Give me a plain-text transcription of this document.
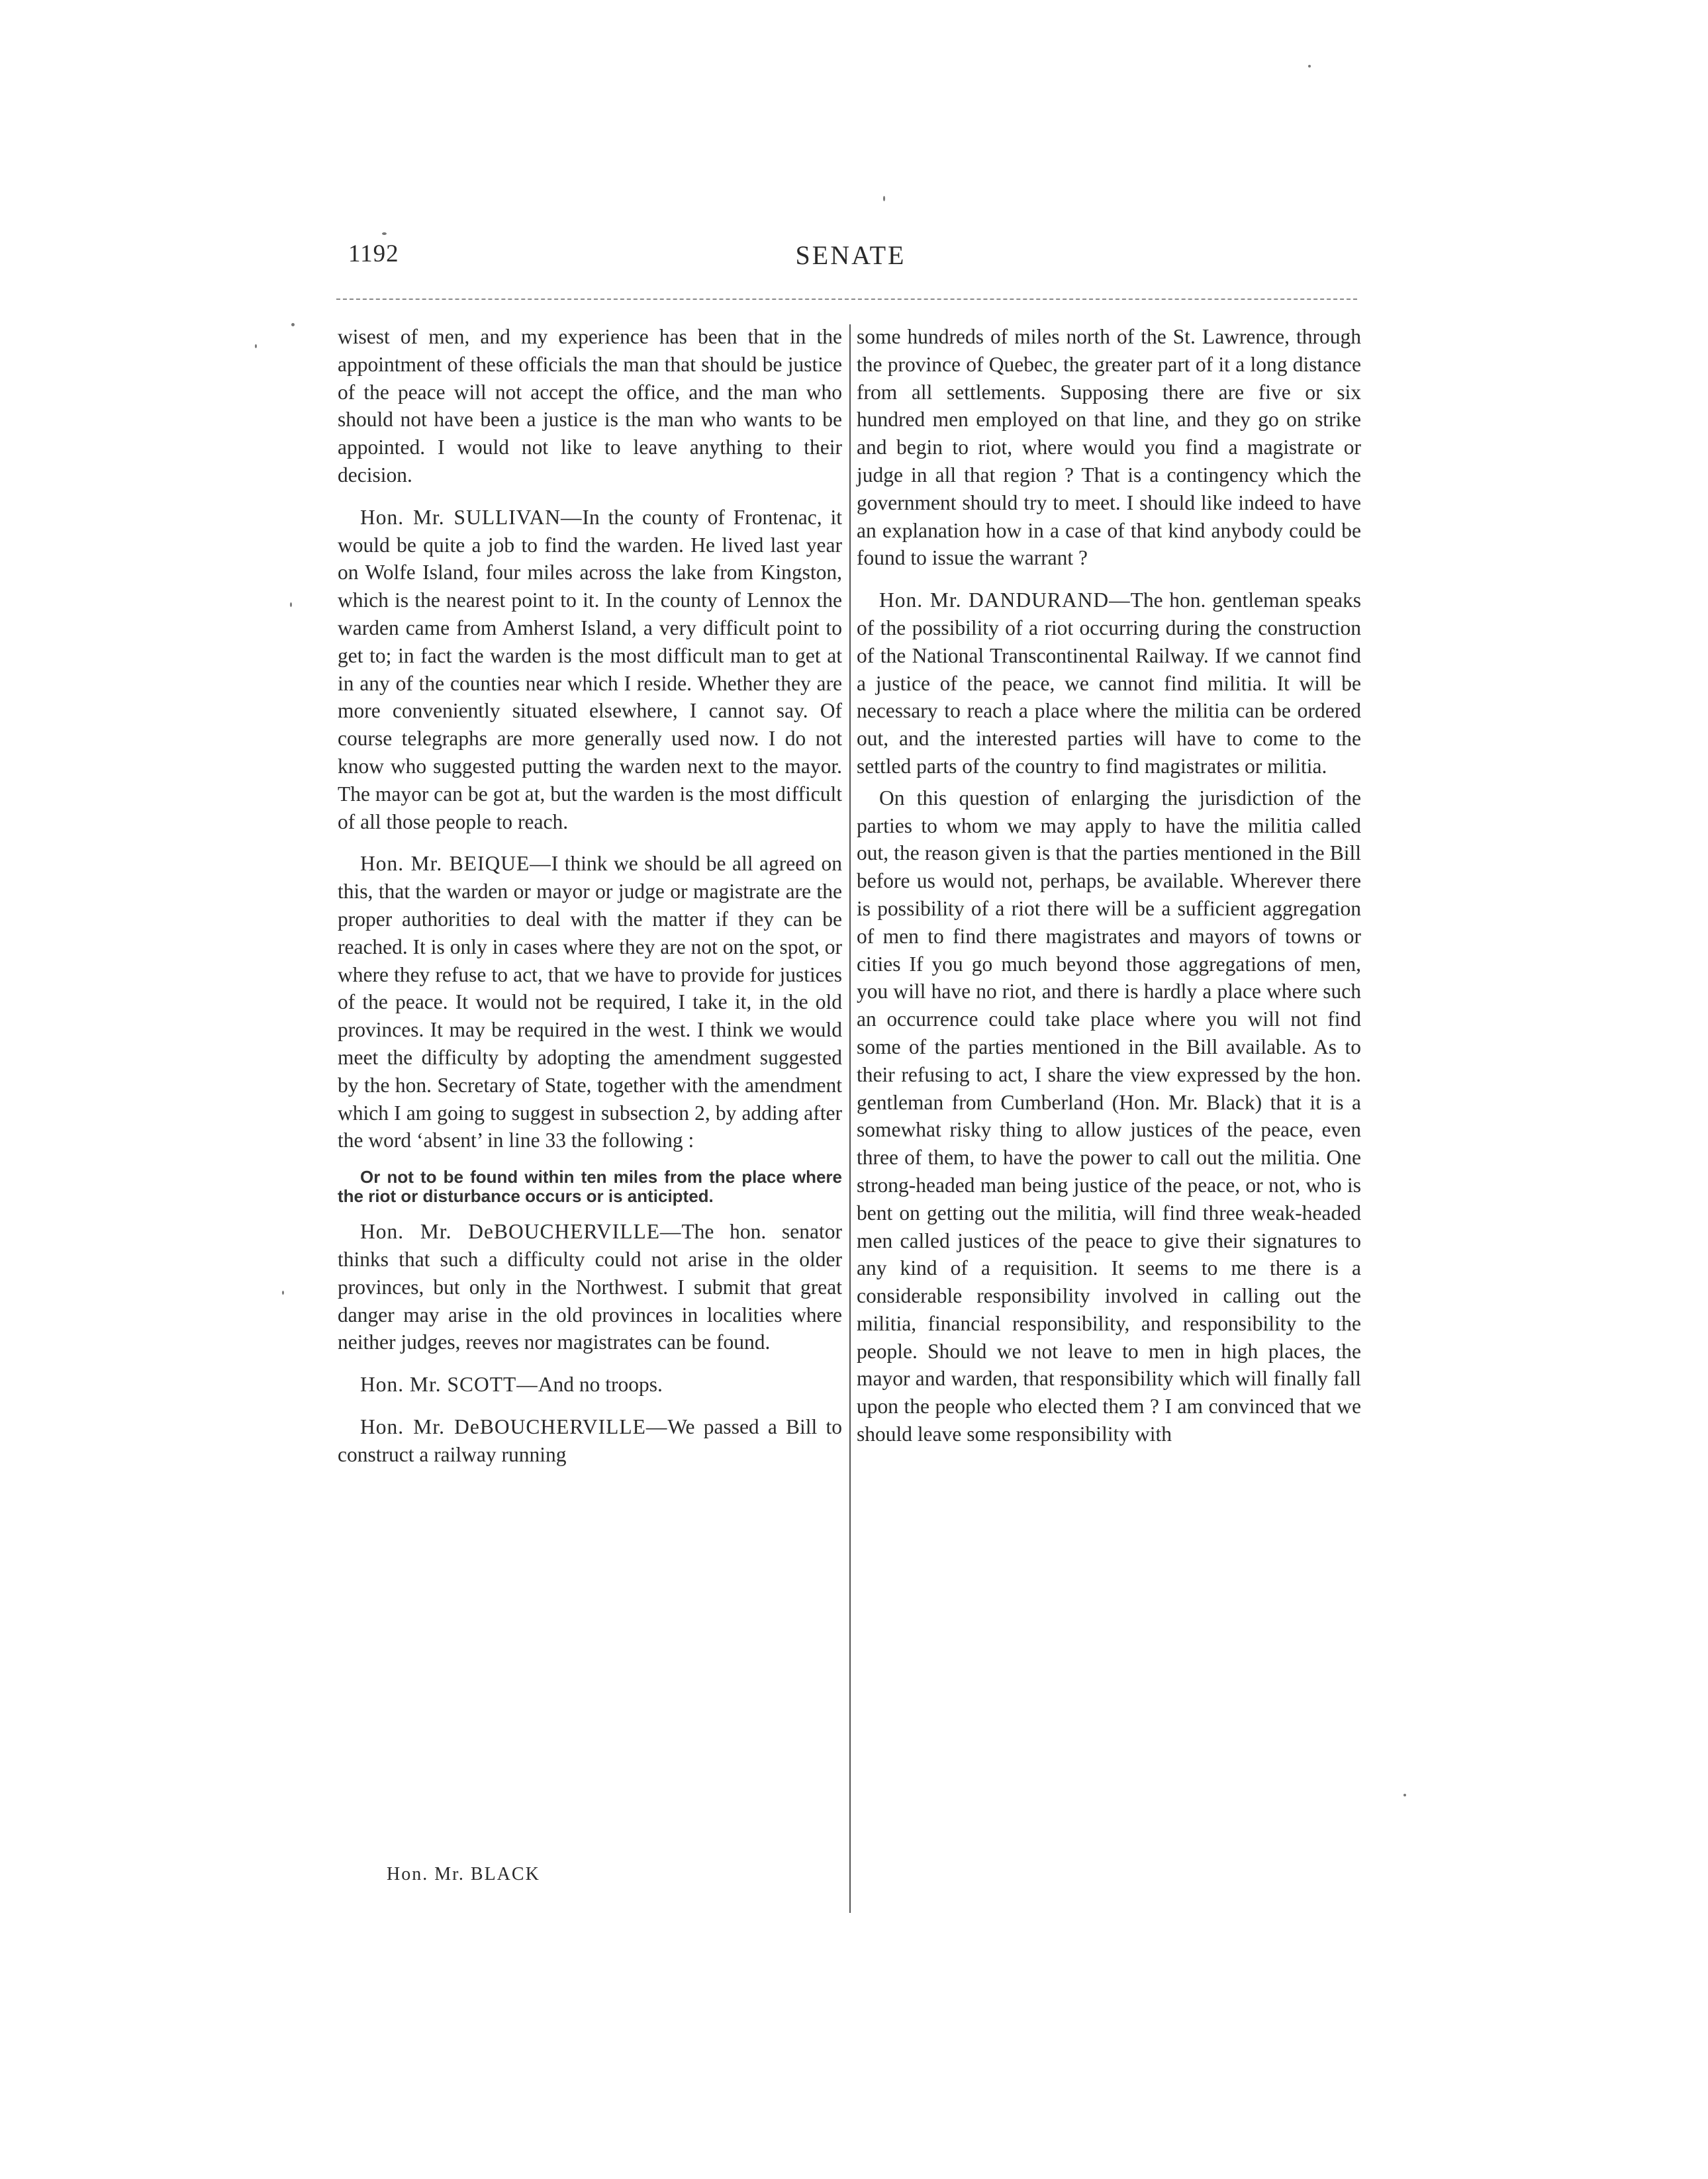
1192	SENATE

wisest of men, and my experience has been that in the appointment of these officials the man that should be justice of the peace will not accept the office, and the man who should not have been a justice is the man who wants to be appointed. I would not like to leave anything to their decision.

Hon. Mr. SULLIVAN—In the county of Frontenac, it would be quite a job to find the warden. He lived last year on Wolfe Island, four miles across the lake from Kingston, which is the nearest point to it. In the county of Lennox the warden came from Amherst Island, a very difficult point to get to; in fact the warden is the most difficult man to get at in any of the counties near which I reside. Whether they are more conveniently situated elsewhere, I cannot say. Of course telegraphs are more generally used now. I do not know who suggested putting the warden next to the mayor. The mayor can be got at, but the warden is the most difficult of all those people to reach.

Hon. Mr. BEIQUE—I think we should be all agreed on this, that the warden or mayor or judge or magistrate are the proper authorities to deal with the matter if they can be reached. It is only in cases where they are not on the spot, or where they refuse to act, that we have to provide for justices of the peace. It would not be required, I take it, in the old provinces. It may be required in the west. I think we would meet the difficulty by adopting the amendment suggested by the hon. Secretary of State, together with the amendment which I am going to suggest in subsection 2, by adding after the word ‘absent’ in line 33 the following :

Or not to be found within ten miles from the place where the riot or disturbance occurs or is anticipted.

Hon. Mr. DeBOUCHERVILLE—The hon. senator thinks that such a difficulty could not arise in the older provinces, but only in the Northwest. I submit that great danger may arise in the old provinces in localities where neither judges, reeves nor magistrates can be found.

Hon. Mr. SCOTT—And no troops.

Hon. Mr. DeBOUCHERVILLE—We passed a Bill to construct a railway running

some hundreds of miles north of the St. Lawrence, through the province of Quebec, the greater part of it a long distance from all settlements. Supposing there are five or six hundred men employed on that line, and they go on strike and begin to riot, where would you find a magistrate or judge in all that region ? That is a contingency which the government should try to meet. I should like indeed to have an explanation how in a case of that kind anybody could be found to issue the warrant ?

Hon. Mr. DANDURAND—The hon. gentleman speaks of the possibility of a riot occurring during the construction of the National Transcontinental Railway. If we cannot find a justice of the peace, we cannot find militia. It will be necessary to reach a place where the militia can be ordered out, and the interested parties will have to come to the settled parts of the country to find magistrates or militia.

On this question of enlarging the jurisdiction of the parties to whom we may apply to have the militia called out, the reason given is that the parties mentioned in the Bill before us would not, perhaps, be available. Wherever there is possibility of a riot there will be a sufficient aggregation of men to find there magistrates and mayors of towns or cities If you go much beyond those aggregations of men, you will have no riot, and there is hardly a place where such an occurrence could take place where you will not find some of the parties mentioned in the Bill available. As to their refusing to act, I share the view expressed by the hon. gentleman from Cumberland (Hon. Mr. Black) that it is a somewhat risky thing to allow justices of the peace, even three of them, to have the power to call out the militia. One strong-headed man being justice of the peace, or not, who is bent on getting out the militia, will find three weak-headed men called justices of the peace to give their signatures to any kind of a requisition. It seems to me there is a considerable responsibility involved in calling out the militia, financial responsibility, and responsibility to the people. Should we not leave to men in high places, the mayor and warden, that responsibility which will finally fall upon the people who elected them ? I am convinced that we should leave some responsibility with

Hon. Mr. BLACK
